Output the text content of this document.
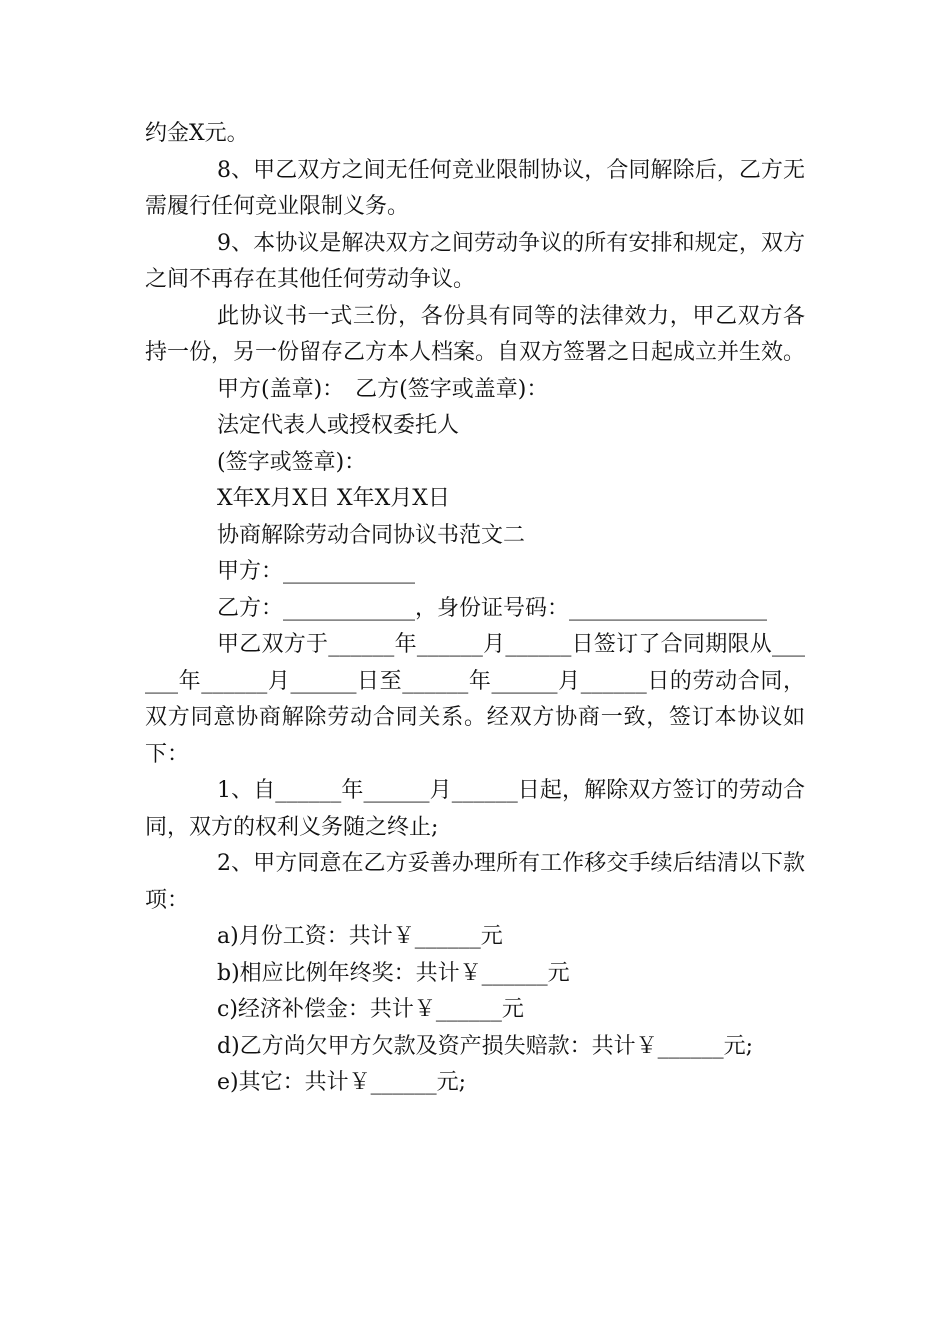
约金X元。

8、甲乙双方之间无任何竞业限制协议，合同解除后，乙方无需履行任何竞业限制义务。

9、本协议是解决双方之间劳动争议的所有安排和规定，双方之间不再存在其他任何劳动争议。

此协议书一式三份，各份具有同等的法律效力，甲乙双方各持一份，另一份留存乙方本人档案。自双方签署之日起成立并生效。

甲方(盖章)：　乙方(签字或盖章)：

法定代表人或授权委托人

(签字或签章)：

X年X月X日 X年X月X日

协商解除劳动合同协议书范文二

甲方：____________

乙方：____________，身份证号码：__________________

甲乙双方于______年______月______日签订了合同期限从______年______月______日至______年______月______日的劳动合同，双方同意协商解除劳动合同关系。经双方协商一致，签订本协议如下：

1、自______年______月______日起，解除双方签订的劳动合同，双方的权利义务随之终止;

2、甲方同意在乙方妥善办理所有工作移交手续后结清以下款项：

a)月份工资：共计￥______元

b)相应比例年终奖：共计￥______元

c)经济补偿金：共计￥______元

d)乙方尚欠甲方欠款及资产损失赔款：共计￥______元;

e)其它：共计￥______元;
